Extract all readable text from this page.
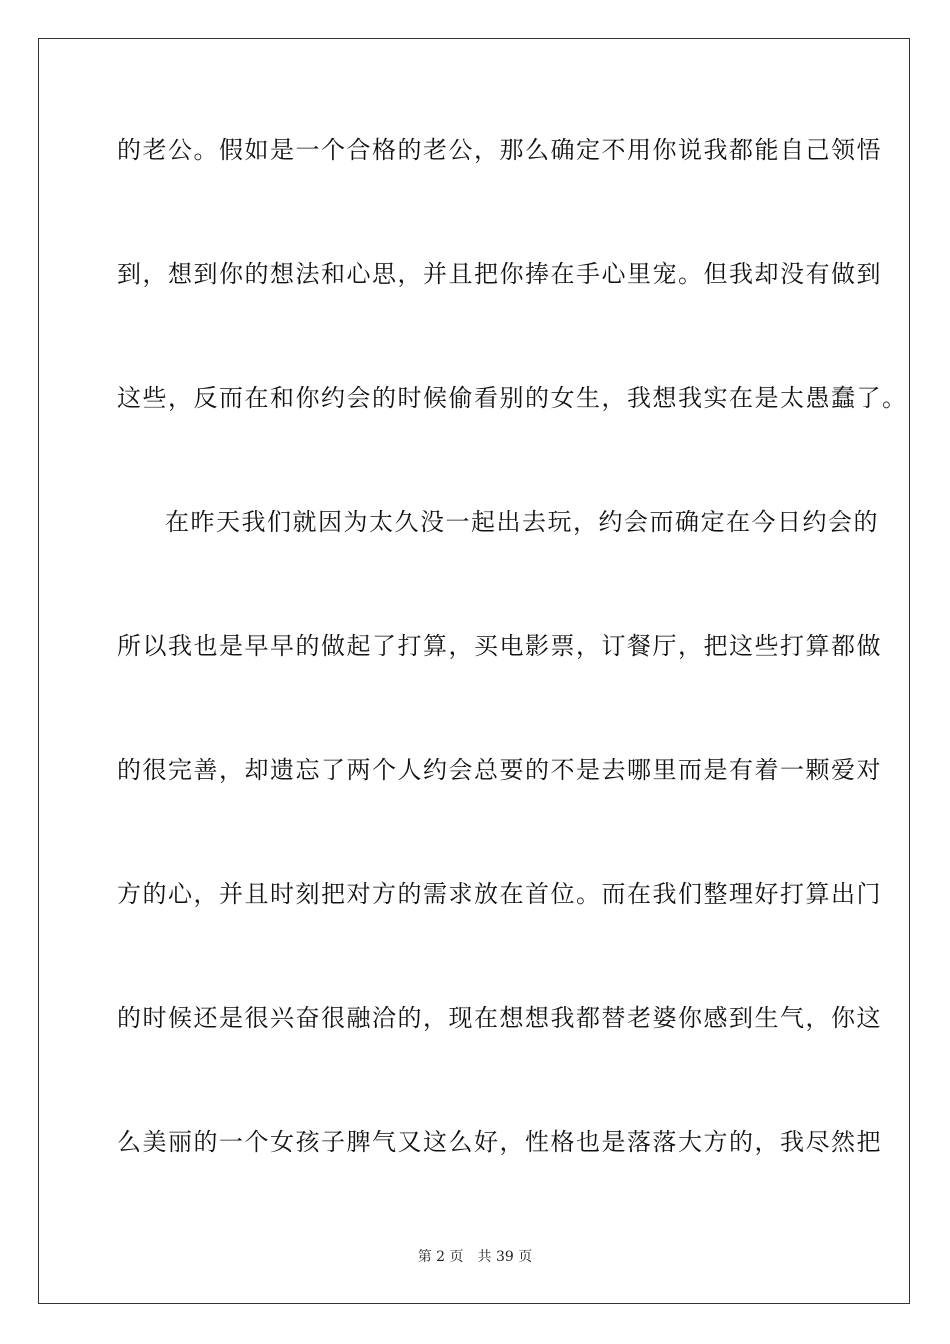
的老公。假如是一个合格的老公，那么确定不用你说我都能自己领悟
到，想到你的想法和心思，并且把你捧在手心里宠。但我却没有做到
这些，反而在和你约会的时候偷看别的女生，我想我实在是太愚蠢了。
在昨天我们就因为太久没一起出去玩，约会而确定在今日约会的
所以我也是早早的做起了打算，买电影票，订餐厅，把这些打算都做
的很完善，却遗忘了两个人约会总要的不是去哪里而是有着一颗爱对
方的心，并且时刻把对方的需求放在首位。而在我们整理好打算出门
的时候还是很兴奋很融洽的，现在想想我都替老婆你感到生气，你这
么美丽的一个女孩子脾气又这么好，性格也是落落大方的，我尽然把
第 2 页 共 39 页
